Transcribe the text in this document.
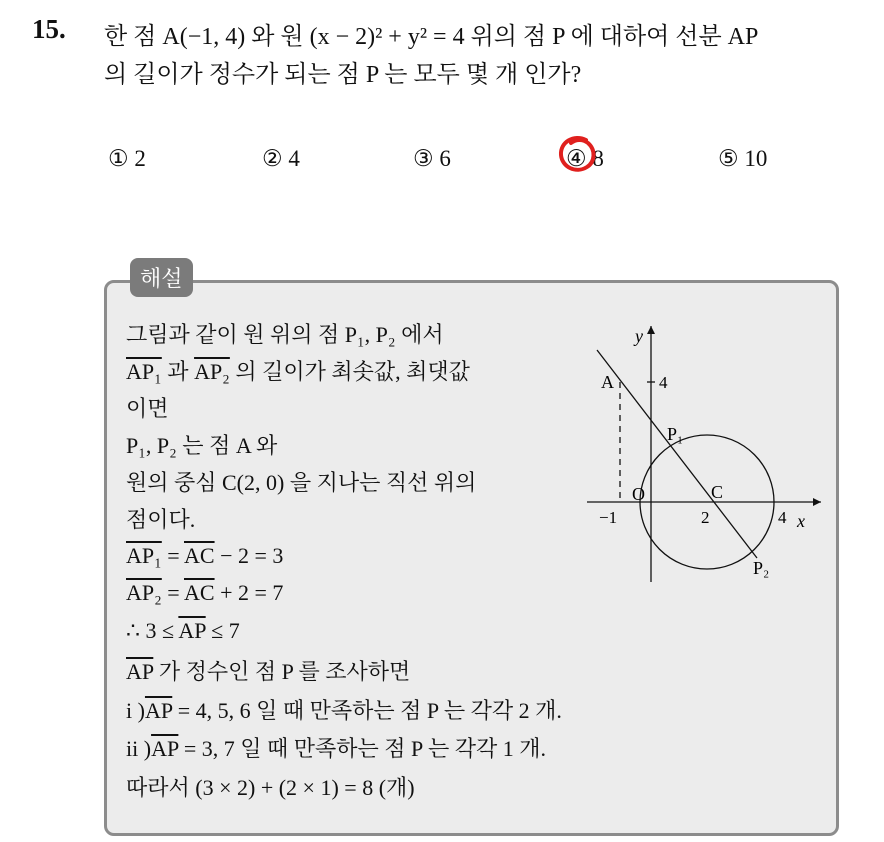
15. 한 점 A(−1, 4) 와 원 (x − 2)² + y² = 4 위의 점 P 에 대하여 선분 AP
의 길이가 정수가 되는 점 P 는 모두 몇 개 인가?
① 2	② 4	③ 6	④ 8	⑤ 10
해설
그림과 같이 원 위의 점 P₁, P₂ 에서
AP₁ 과 AP₂ 의 길이가 최솟값, 최댓값
이면
P₁, P₂ 는 점 A 와
원의 중심 C(2, 0) 을 지나는 직선 위의
점이다.
$AP_1 = \overline{AC} - 2 = 3$
$AP_2 = \overline{AC} + 2 = 7$
∴ $3 \le \overline{AP} \le 7$
$\overline{AP}$ 가 정수인 점 P 를 조사하면
i )$\overline{AP} = 4$, 5, 6 일 때 만족하는 점 P 는 각각 2 개.
ii )$\overline{AP} = 3$, 7 일 때 만족하는 점 P 는 각각 1 개.
따라서 (3 × 2) + (2 × 1) = 8 (개)
y
x
A	4
P₁
P₂
O	C
−1	2	4
